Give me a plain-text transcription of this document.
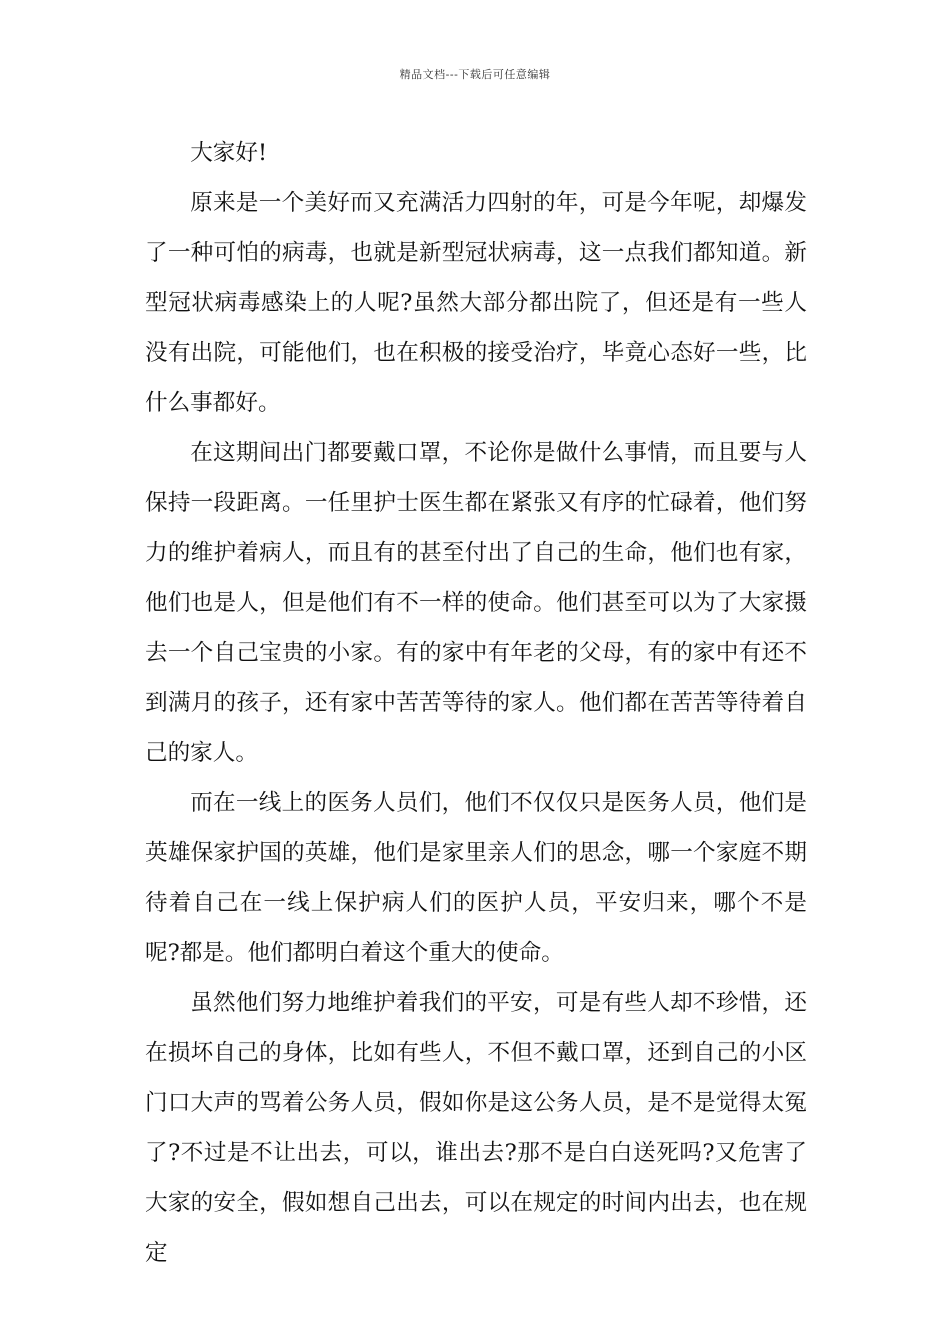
精品文档---下载后可任意编辑

大家好!

原来是一个美好而又充满活力四射的年，可是今年呢，却爆发了一种可怕的病毒，也就是新型冠状病毒，这一点我们都知道。新型冠状病毒感染上的人呢?虽然大部分都出院了，但还是有一些人没有出院，可能他们，也在积极的接受治疗，毕竟心态好一些，比什么事都好。

在这期间出门都要戴口罩，不论你是做什么事情，而且要与人保持一段距离。一任里护士医生都在紧张又有序的忙碌着，他们努力的维护着病人，而且有的甚至付出了自己的生命，他们也有家，他们也是人，但是他们有不一样的使命。他们甚至可以为了大家摄去一个自己宝贵的小家。有的家中有年老的父母，有的家中有还不到满月的孩子，还有家中苦苦等待的家人。他们都在苦苦等待着自己的家人。

而在一线上的医务人员们，他们不仅仅只是医务人员，他们是英雄保家护国的英雄，他们是家里亲人们的思念，哪一个家庭不期待着自己在一线上保护病人们的医护人员，平安归来，哪个不是呢?都是。他们都明白着这个重大的使命。

虽然他们努力地维护着我们的平安，可是有些人却不珍惜，还在损坏自己的身体，比如有些人，不但不戴口罩，还到自己的小区门口大声的骂着公务人员，假如你是这公务人员，是不是觉得太冤了?不过是不让出去，可以，谁出去?那不是白白送死吗?又危害了大家的安全，假如想自己出去，可以在规定的时间内出去，也在规定
